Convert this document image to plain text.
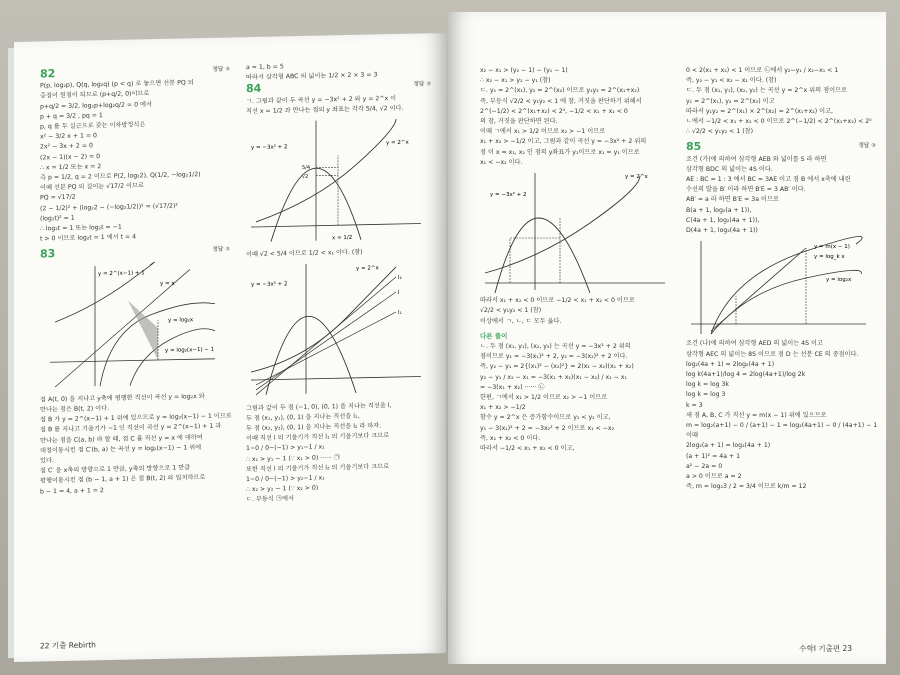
82	정답 ③

P(p, log₂p), Q(q, log₂q) (p < q) 로 놓으면 선분 PQ 의

중점이 원점이 되므로 (p+q/2, 0)이므로

p+q/2 = 3/2, log₂p+log₂q/2 = 0 에서

p + q = 3/2 , pq = 1

p, q 를 두 실근으로 갖는 이차방정식은

x² − 3/2 x + 1 = 0

2x² − 3x + 2 = 0

(2x − 1)(x − 2) = 0

∴ x = 1/2 또는 x = 2

즉 p = 1/2, q = 2 이므로 P(2, log₂2), Q(1/2, −log₂1/2)

이때 선분 PQ 의 길이는 √17/2 이므로

PQ = √17/2

(2 − 1/2)² + (log₂2 − (−log₂1/2))² = (√17/2)²

(log₂t)² = 1

∴ log₂t = 1 또는 log₂t = −1

t > 0 이므로 log₂t = 1 에서 t = 4

83	정답 ③
y = 2^(x−1) + 1
y = x
y = log₂x
y = log₂(x−1) − 1

점 A(t, 0) 을 지나고 y축에 평행한 직선이 곡선 y = log₂x 와

만나는 점은 B(t, 2) 이다.

점 B 가 y = 2^(x−1) + 1 위에 있으므로 y = log₂(x−1) − 1 이므로

점 B 를 지나고 기울기가 −1 인 직선이 곡선 y = 2^(x−1) + 1 과

만나는 점을 C(a, b) 라 할 때, 점 C 를 직선 y = x 에 대하여

대칭이동시킨 점 C′(b, a) 는 곡선 y = log₂(x−1) − 1 위에

있다.

점 C′ 을 x축의 방향으로 1 만큼, y축의 방향으로 1 만큼

평행이동시킨 점 (b − 1, a + 1) 은 점 B(t, 2) 와 일치하므로

b − 1 = 4, a + 1 = 2

a = 1, b = 5

따라서 삼각형 ABC 의 넓이는 1/2 × 2 × 3 = 3

84	정답 ③

ㄱ. 그림과 같이 두 곡선 y = −3x² + 2 와 y = 2^x 이

직선 x = 1/2 과 만나는 점의 y 좌표는 각각 5/4, √2 이다.

y = −3x² + 2
y = 2^x
x = 1/2
5/4
√2

이때 √2 < 5/4 이므로 1/2 < x₁ 이다. (참)

y = −3x² + 2
y = 2^x
l₂
l
l₁

그림과 같이 두 점 (−1, 0), (0, 1) 을 지나는 직선을 l,

두 점 (x₁, y₁), (0, 1) 을 지나는 직선을 l₁,

두 점 (x₂, y₂), (0, 1) 을 지나는 직선을 l₂ 라 하자.

이때 직선 l 의 기울기가 직선 l₁ 의 기울기보다 크므로

1−0 / 0−(−1) > y₁−1 / x₁

∴ x₁ > y₁ − 1 (∵ x₁ > 0) ······ ㉠

또한 직선 l 의 기울기가 직선 l₂ 의 기울기보다 크므로

1−0 / 0−(−1) > y₂−1 / x₂

∴ x₂ > y₂ − 1 (∵ x₂ > 0)

ㄷ. 부등식 ㉠에서

22 기출 Rebirth

x₂ − x₁ > (y₂ − 1) − (y₁ − 1)

∴ x₂ − x₁ > y₂ − y₁ (참)

ㄷ. y₁ = 2^(x₁), y₂ = 2^(x₂) 이므로 y₁y₂ = 2^(x₁+x₂)

즉, 부등식 √2/2 < y₁y₂ < 1 에 참, 거짓을 판단하기 위해서

2^(−1/2) < 2^(x₁+x₂) < 2⁰, −1/2 < x₁ + x₂ < 0

의 참, 거짓을 판단하면 된다.

이때 ㄱ에서 x₁ > 1/2 이므로 x₂ > −1 이므로

x₁ + x₂ > −1/2 이고, 그림과 같이 곡선 y = −3x² + 2 위의

점 이 x = x₁, x₂ 인 점의 y좌표가 y₁이므로 x₁ = y₁ 이므로

x₁ < −x₂ 이다.

y = −3x² + 2
y = 2^x

따라서 x₁ + x₂ < 0 이므로 −1/2 < x₁ + x₂ < 0 이므로

√2/2 < y₁y₂ < 1 (참)

이상에서 ㄱ, ㄴ, ㄷ 모두 옳다.

다른 풀이

ㄴ. 두 점 (x₁, y₁), (x₂, y₂) 는 곡선 y = −3x² + 2 위의

점이므로 y₁ = −3(x₁)² + 2, y₂ = −3(x₂)² + 2 이다.

즉, y₂ − y₁ = 2{(x₁)² − (x₂)²} = 2(x₁ − x₂)(x₁ + x₂)

y₂ − y₁ / x₂ − x₁ = −3(x₁ + x₂)(x₁ − x₂) / x₂ − x₁

= −3(x₁ + x₂) ······ ㉡

한편, ㄱ에서 x₁ > 1/2 이므로 x₂ > −1 이므로

x₁ + x₂ > −1/2

함수 y = 2^x 은 증가함수이므로 y₁ < y₂ 이고,

y₁ − 3(x₁)² + 2 = −3x₂² + 2 이므로 x₁ < −x₂

즉, x₁ + x₂ < 0 이다.

따라서 −1/2 < x₁ + x₂ < 0 이고,

0 < 2(x₁ + x₂) < 1 이므로 ㉡에서 y₂−y₁ / x₂−x₁ < 1

즉, y₂ − y₁ < x₂ − x₁ 이다. (참)

ㄷ. 두 점 (x₁, y₁), (x₂, y₂) 는 곡선 y = 2^x 위의 점이므로

y₁ = 2^(x₁), y₂ = 2^(x₂) 이고

따라서 y₁y₂ = 2^(x₁) × 2^(x₂) = 2^(x₁+x₂) 이고,

ㄴ에서 −1/2 < x₁ + x₂ < 0 이므로 2^(−1/2) < 2^(x₁+x₂) < 2⁰

∴ √2/2 < y₁y₂ < 1 (참)

85	정답 ③

조건 (가)에 의하여 삼각형 AEB 와 넓이를 S 라 하면

삼각형 BDC 의 넓이는 4S 이다.

AE : BC = 1 : 3 에서 BC = 3AE 이고 점 B 에서 x축에 내린

수선의 발을 B′ 이라 하면 B′E = 3 AB′ 이다.

AB′ = a 라 하면 B′E = 3a 이므로

B(a + 1, log₂(a + 1)),

C(4a + 1, log₂(4a + 1)),

D(4a + 1, log₂(4a + 1))

y = m(x − 1)
y = log_k x
y = log₂x

조건 (나)에 의하여 삼각형 AED 의 넓이는 4S 이고

삼각형 AEC 의 넓이는 8S 이므로 점 D 는 선분 CE 의 중점이다.

log₂(4a + 1) = 2log₂(4a + 1)

log k(4a+1)/log 4 = 2log(4a+1)/log 2k

log k = log 3k

log k = log 3

k = 3

세 점 A, B, C 가 직선 y = m(x − 1) 위에 있으므로

m = log₂(a+1) − 0 / (a+1) − 1 = log₂(4a+1) − 0 / (4a+1) − 1

이때

2log₂(a + 1) = log₂(4a + 1)

(a + 1)² = 4a + 1

a² − 2a = 0

a > 0 이므로 a = 2

즉, m = log₂3 / 2 = 3/4 이므로 k/m = 12

수학Ⅰ 기출편 23
